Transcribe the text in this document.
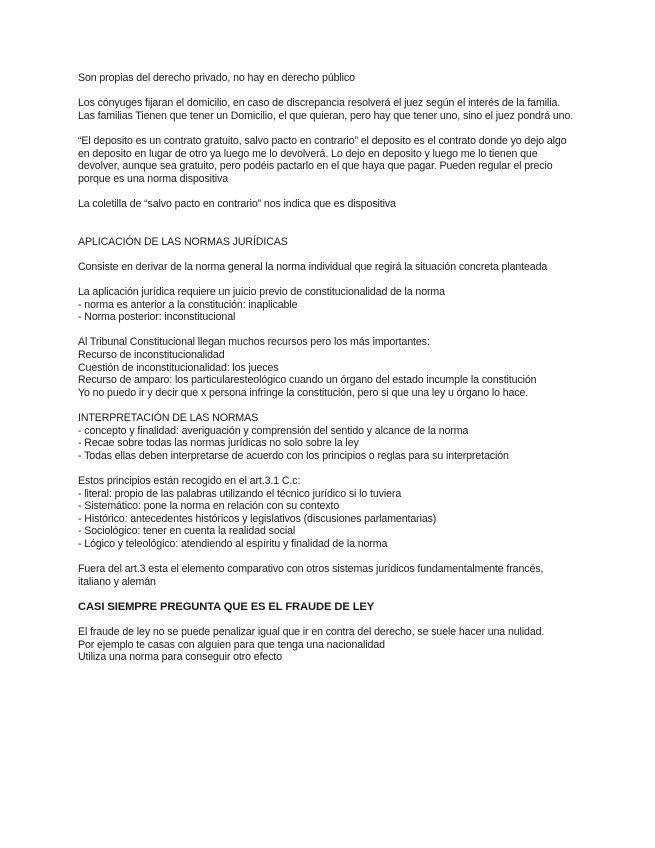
Son propias del derecho privado, no hay en derecho público

Los cónyuges fijaran el domicilio, en caso de discrepancia resolverá el juez según el interés de la familia. Las familias Tienen que tener un Domicilio, el que quieran, pero hay que tener uno, sino el juez pondrá uno.

“El deposito es un contrato gratuito, salvo pacto en contrario” el deposito es el contrato donde yo dejo algo en deposito en lugar de otro ya luego me lo devolverá. Lo dejo en deposito y luego me lo tienen que devolver, aunque sea gratuito, pero podéis pactarlo en el que haya que pagar. Pueden regular el precio porque es una norma dispositiva

La coletilla de “salvo pacto en contrario” nos indica que es dispositiva

APLICACIÓN DE LAS NORMAS JURÍDICAS

Consiste en derivar de la norma general la norma individual que regirá la situación concreta planteada

La aplicación jurídica requiere un juicio previo de constitucionalidad de la norma

- norma es anterior a la constitución: inaplicable
- Norma posterior: inconstitucional

Al Tribunal Constitucional llegan muchos recursos pero los más importantes:

Recurso de inconstitucionalidad

Cuestión de inconstitucionalidad: los jueces

Recurso de amparo: los particularesteológico cuando un órgano del estado incumple la constitución

Yo no puedo ir y decir que x persona infringe la constitución, pero si que una ley u órgano lo hace.

INTERPRETACIÓN DE LAS NORMAS

- concepto y finalidad: averiguación y comprensión del sentido y alcance de la norma
- Recae sobre todas las normas jurídicas no solo sobre la ley
- Todas ellas deben interpretarse de acuerdo con los principios o reglas para su interpretación

Estos principios están recogido en el art.3.1 C.c:

- literal: propio de las palabras utilizando el técnico jurídico si lo tuviera
- Sistemático: pone la norma en relación con su contexto
- Histórico: antecedentes históricos y legislativos (discusiones parlamentarias)
- Sociológico: tener en cuenta la realidad social
- Lógico y teleológico: atendiendo al espíritu y finalidad de la norma

Fuera del art.3 esta el elemento comparativo con otros sistemas jurídicos fundamentalmente francés, italiano y alemán

CASI SIEMPRE PREGUNTA QUE ES EL FRAUDE DE LEY

El fraude de ley no se puede penalizar igual que ir en contra del derecho, se suele hacer una nulidad.

Por ejemplo te casas con alguien para que tenga una nacionalidad

Utiliza una norma para conseguir otro efecto
